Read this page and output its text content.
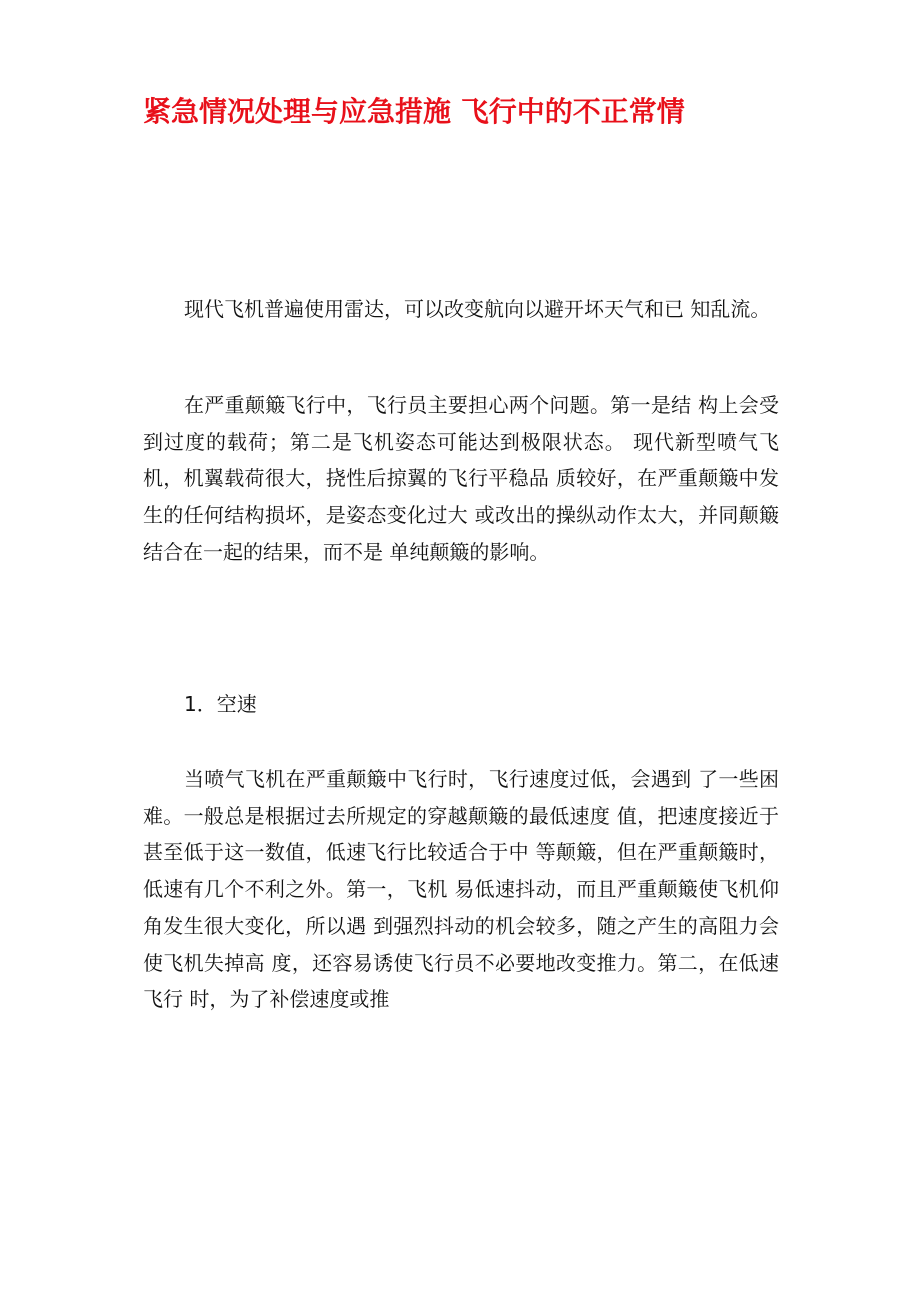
紧急情况处理与应急措施 飞行中的不正常情

现代飞机普遍使用雷达，可以改变航向以避开坏天气和已 知乱流。

在严重颠簸飞行中，飞行员主要担心两个问题。第一是结 构上会受到过度的载荷；第二是飞机姿态可能达到极限状态。 现代新型喷气飞机，机翼载荷很大，挠性后掠翼的飞行平稳品 质较好，在严重颠簸中发生的任何结构损坏，是姿态变化过大 或改出的操纵动作太大，并同颠簸结合在一起的结果，而不是 单纯颠簸的影响。

1．空速

当喷气飞机在严重颠簸中飞行时，飞行速度过低，会遇到 了一些困难。一般总是根据过去所规定的穿越颠簸的最低速度 值，把速度接近于甚至低于这一数值，低速飞行比较适合于中 等颠簸，但在严重颠簸时，低速有几个不利之外。第一，飞机 易低速抖动，而且严重颠簸使飞机仰角发生很大变化，所以遇 到强烈抖动的机会较多，随之产生的高阻力会使飞机失掉高 度，还容易诱使飞行员不必要地改变推力。第二，在低速飞行 时，为了补偿速度或推
